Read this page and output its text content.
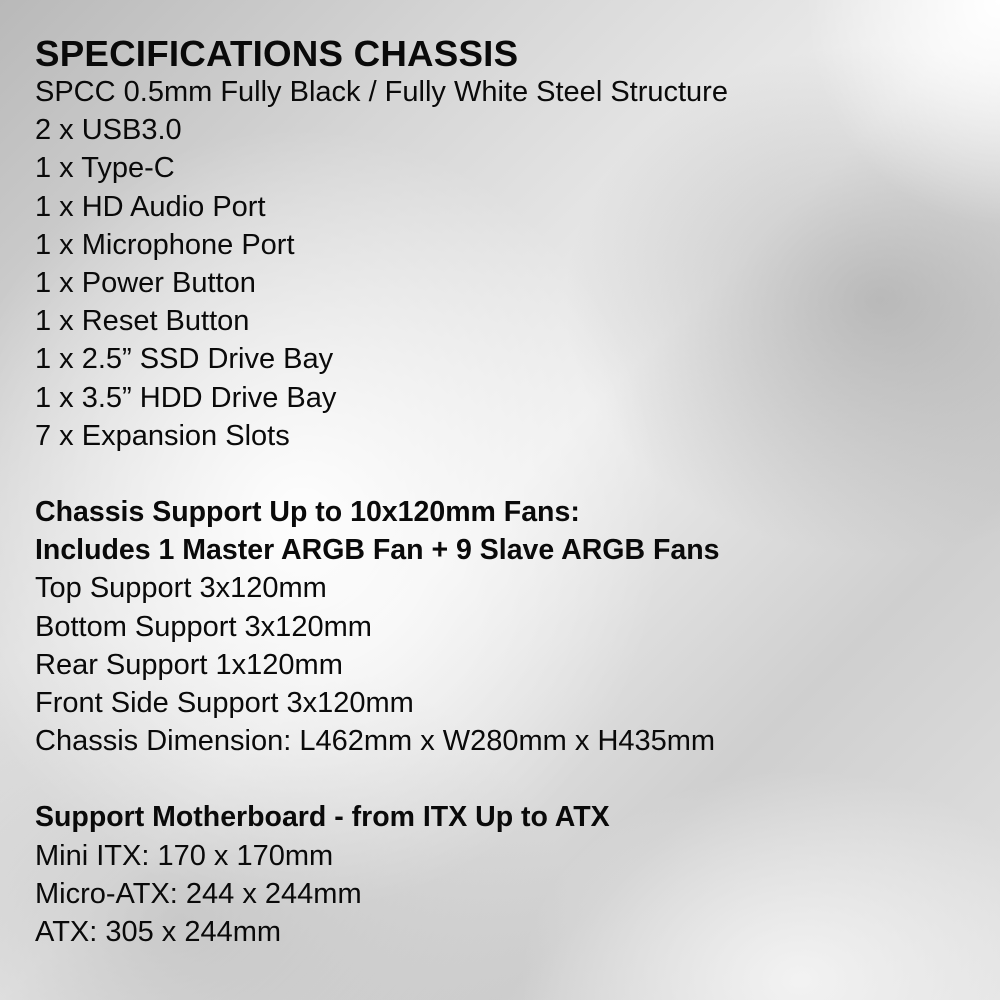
SPECIFICATIONS CHASSIS

SPCC 0.5mm Fully Black / Fully White Steel Structure

2 x USB3.0

1 x Type-C

1 x HD Audio Port

1 x Microphone Port

1 x Power Button

1 x Reset Button

1 x 2.5” SSD Drive Bay

1 x 3.5” HDD Drive Bay

7 x Expansion Slots

Chassis Support Up to 10x120mm Fans:

Includes 1 Master ARGB Fan + 9 Slave ARGB Fans

Top Support 3x120mm

Bottom Support 3x120mm

Rear Support 1x120mm

Front Side Support 3x120mm

Chassis Dimension: L462mm x W280mm x H435mm

Support Motherboard - from ITX Up to ATX

Mini ITX: 170 x 170mm

Micro-ATX: 244 x 244mm

ATX: 305 x 244mm
